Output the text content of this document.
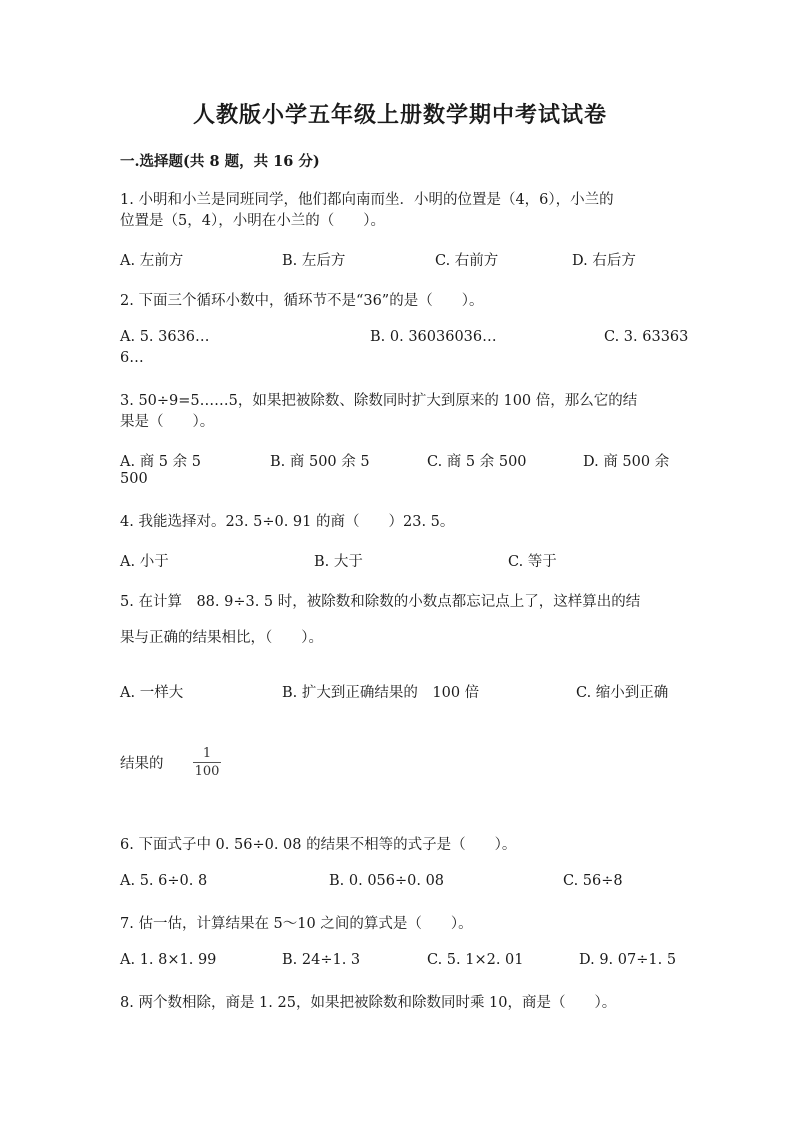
人教版小学五年级上册数学期中考试试卷
一.选择题(共 8 题，共 16 分)
1. 小明和小兰是同班同学，他们都向南而坐．小明的位置是（4，6），小兰的
位置是（5，4），小明在小兰的（　　）。
A. 左前方	B. 左后方	C. 右前方	D. 右后方
2. 下面三个循环小数中，循环节不是“36”的是（　　）。
A. 5. 3636…	B. 0. 36036036…	C. 3. 63363
6…
3. 50÷9=5……5，如果把被除数、除数同时扩大到原来的 100 倍，那么它的结
果是（　　）。
A. 商 5 余 5	B. 商 500 余 5	C. 商 5 余 500	D. 商 500 余
500
4. 我能选择对。23. 5÷0. 91 的商（　　）23. 5。
A. 小于	B. 大于	C. 等于
5. 在计算　88. 9÷3. 5 时，被除数和除数的小数点都忘记点上了，这样算出的结
果与正确的结果相比，（　　）。
A. 一样大	B. 扩大到正确结果的　100 倍	C. 缩小到正确
结果的
1
100
6. 下面式子中 0. 56÷0. 08 的结果不相等的式子是（　　）。
A. 5. 6÷0. 8	B. 0. 056÷0. 08	C. 56÷8
7. 估一估，计算结果在 5～10 之间的算式是（　　）。
A. 1. 8×1. 99	B. 24÷1. 3	C. 5. 1×2. 01	D. 9. 07÷1. 5
8. 两个数相除，商是 1. 25，如果把被除数和除数同时乘 10，商是（　　）。
